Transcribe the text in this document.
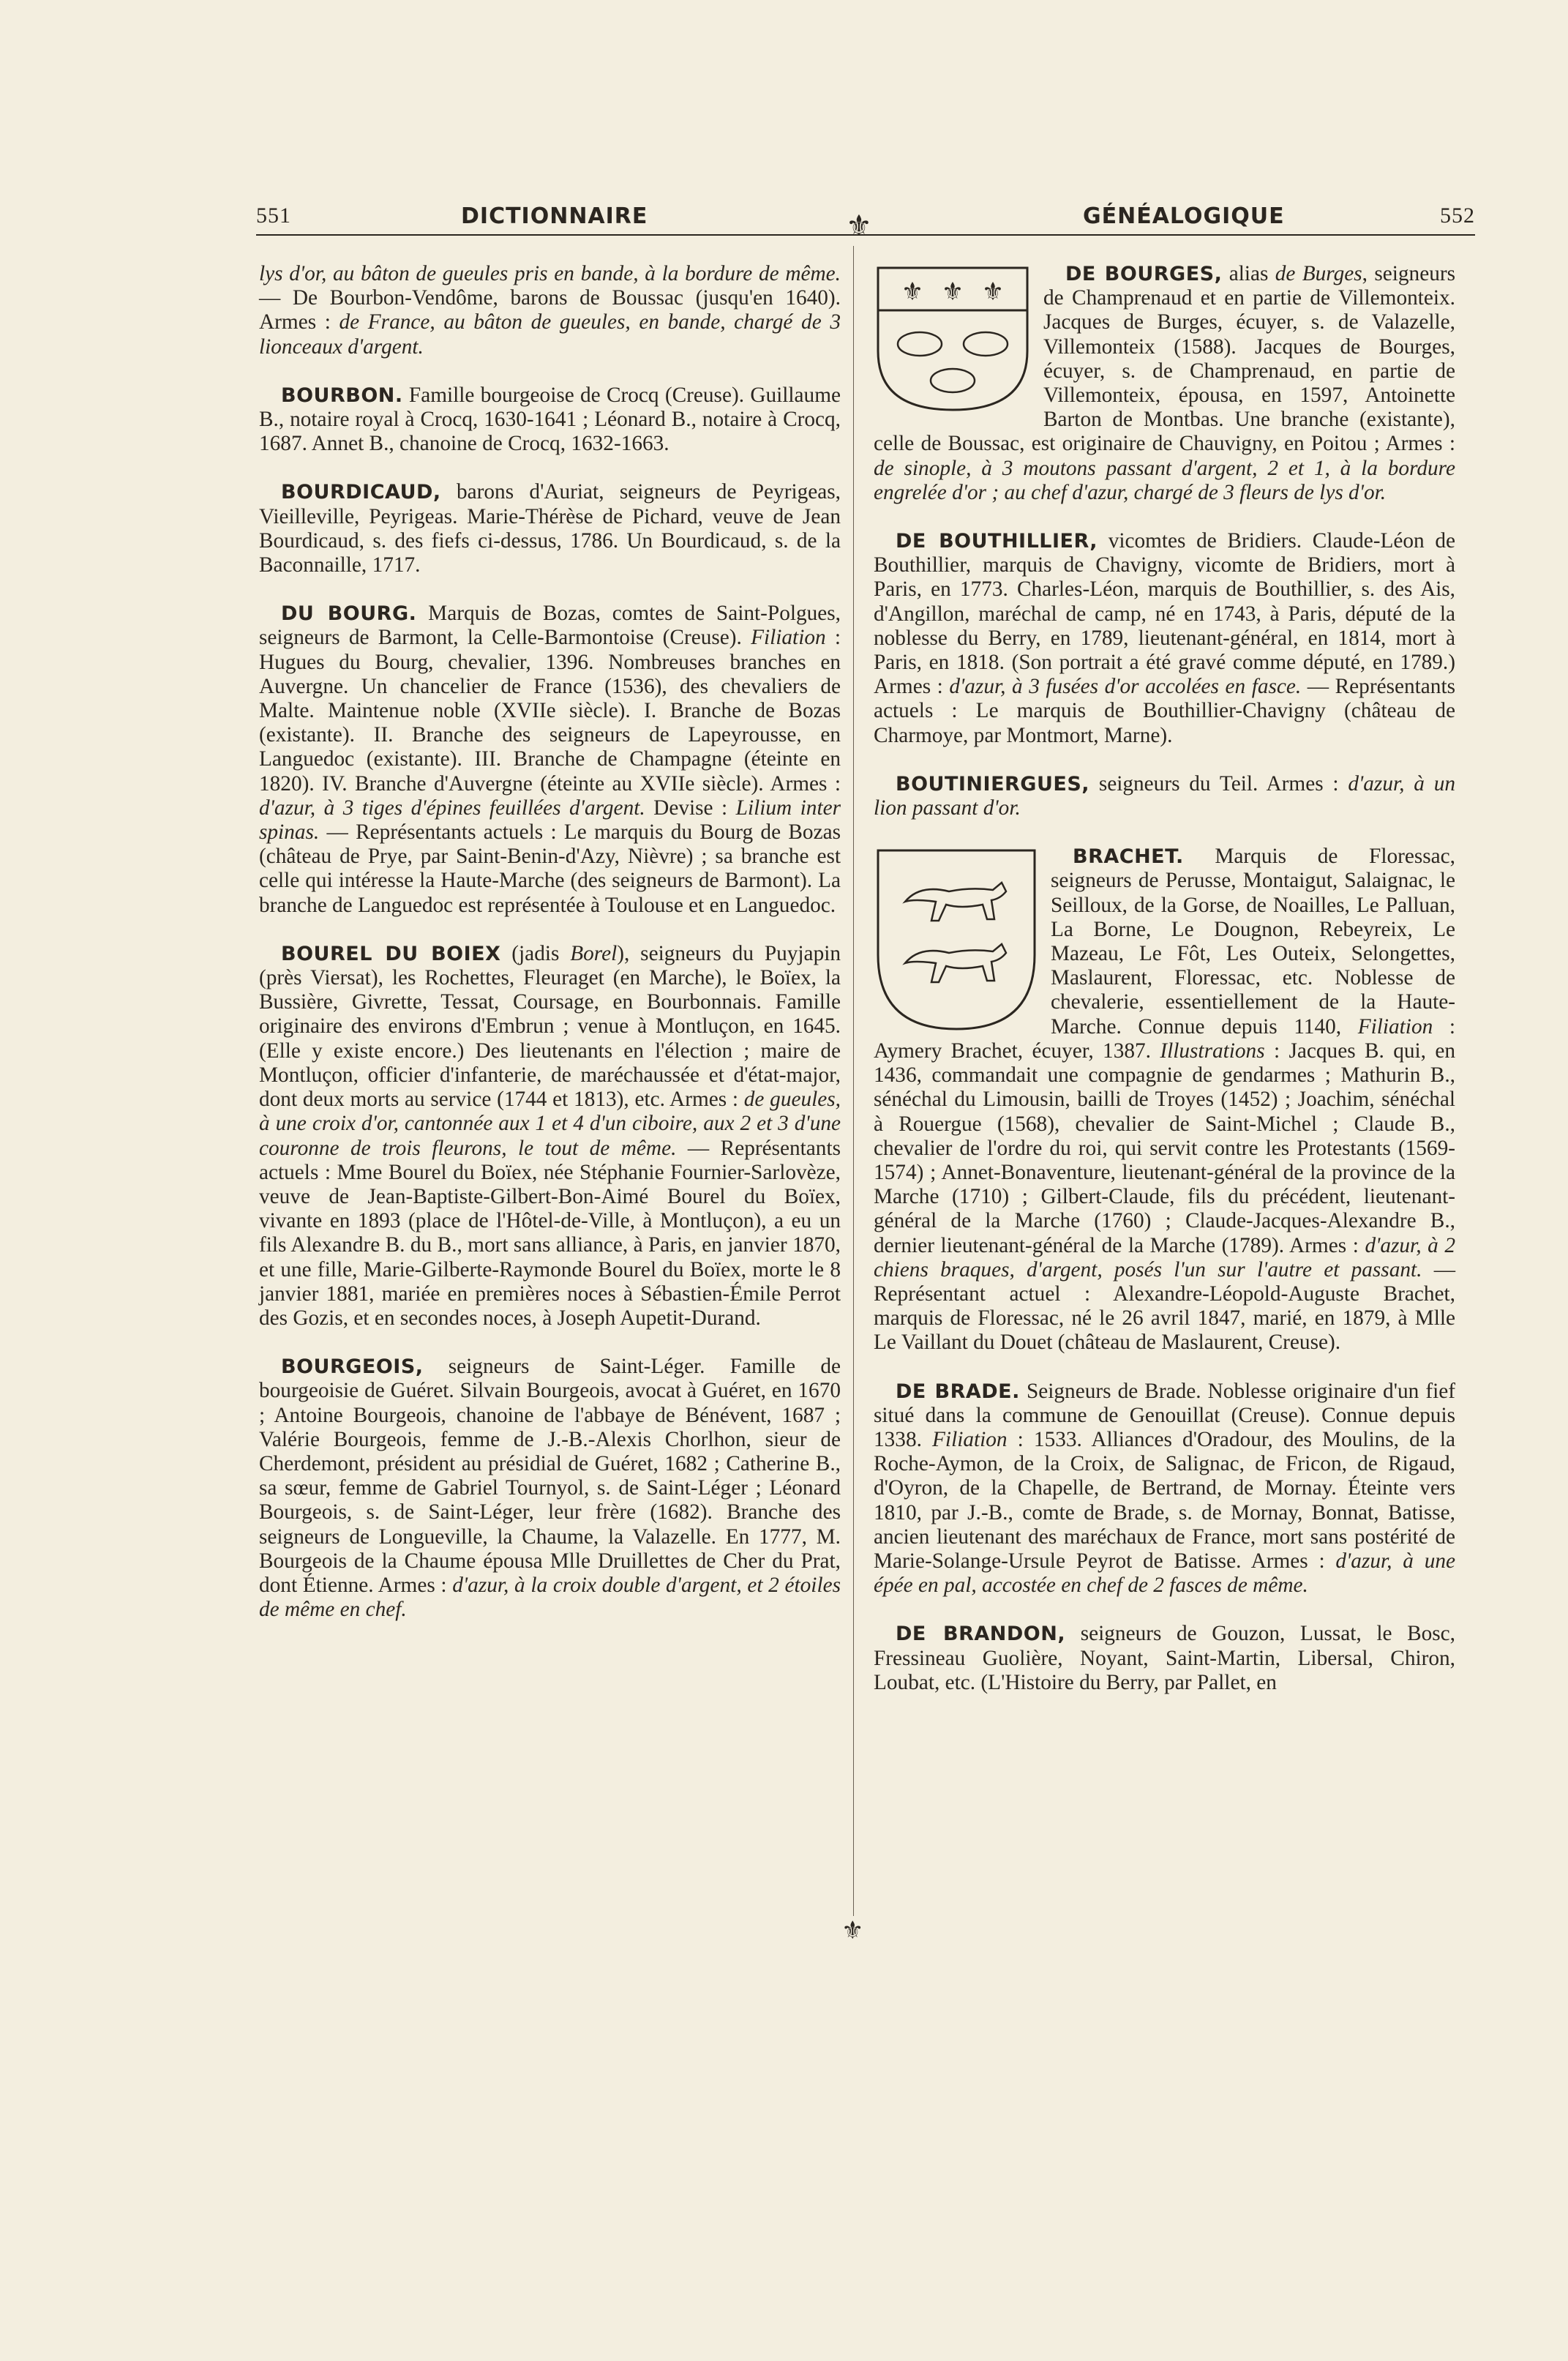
551	DICTIONNAIRE	GÉNÉALOGIQUE	552
⚜
⚜
lys d'or, au bâton de gueules pris en bande, à la bordure de même. — De Bourbon-Vendôme, barons de Boussac (jusqu'en 1640). Armes : de France, au bâton de gueules, en bande, chargé de 3 lionceaux d'argent.
BOURBON. Famille bourgeoise de Crocq (Creuse). Guillaume B., notaire royal à Crocq, 1630-1641 ; Léonard B., notaire à Crocq, 1687. Annet B., chanoine de Crocq, 1632-1663.
BOURDICAUD, barons d'Auriat, seigneurs de Peyrigeas, Vieilleville, Peyrigeas. Marie-Thérèse de Pichard, veuve de Jean Bourdicaud, s. des fiefs ci-dessus, 1786. Un Bourdicaud, s. de la Baconnaille, 1717.
DU BOURG. Marquis de Bozas, comtes de Saint-Polgues, seigneurs de Barmont, la Celle-Barmontoise (Creuse). Filiation : Hugues du Bourg, chevalier, 1396. Nombreuses branches en Auvergne. Un chancelier de France (1536), des chevaliers de Malte. Maintenue noble (XVIIe siècle). I. Branche de Bozas (existante). II. Branche des seigneurs de Lapeyrousse, en Languedoc (existante). III. Branche de Champagne (éteinte en 1820). IV. Branche d'Auvergne (éteinte au XVIIe siècle). Armes : d'azur, à 3 tiges d'épines feuillées d'argent. Devise : Lilium inter spinas. — Représentants actuels : Le marquis du Bourg de Bozas (château de Prye, par Saint-Benin-d'Azy, Nièvre) ; sa branche est celle qui intéresse la Haute-Marche (des seigneurs de Barmont). La branche de Languedoc est représentée à Toulouse et en Languedoc.
BOUREL DU BOIEX (jadis Borel), seigneurs du Puyjapin (près Viersat), les Rochettes, Fleuraget (en Marche), le Boïex, la Bussière, Givrette, Tessat, Coursage, en Bourbonnais. Famille originaire des environs d'Embrun ; venue à Montluçon, en 1645. (Elle y existe encore.) Des lieutenants en l'élection ; maire de Montluçon, officier d'infanterie, de maréchaussée et d'état-major, dont deux morts au service (1744 et 1813), etc. Armes : de gueules, à une croix d'or, cantonnée aux 1 et 4 d'un ciboire, aux 2 et 3 d'une couronne de trois fleurons, le tout de même. — Représentants actuels : Mme Bourel du Boïex, née Stéphanie Fournier-Sarlovèze, veuve de Jean-Baptiste-Gilbert-Bon-Aimé Bourel du Boïex, vivante en 1893 (place de l'Hôtel-de-Ville, à Montluçon), a eu un fils Alexandre B. du B., mort sans alliance, à Paris, en janvier 1870, et une fille, Marie-Gilberte-Raymonde Bourel du Boïex, morte le 8 janvier 1881, mariée en premières noces à Sébastien-Émile Perrot des Gozis, et en secondes noces, à Joseph Aupetit-Durand.
BOURGEOIS, seigneurs de Saint-Léger. Famille de bourgeoisie de Guéret. Silvain Bourgeois, avocat à Guéret, en 1670 ; Antoine Bourgeois, chanoine de l'abbaye de Bénévent, 1687 ; Valérie Bourgeois, femme de J.-B.-Alexis Chorlhon, sieur de Cherdemont, président au présidial de Guéret, 1682 ; Catherine B., sa sœur, femme de Gabriel Tournyol, s. de Saint-Léger ; Léonard Bourgeois, s. de Saint-Léger, leur frère (1682). Branche des seigneurs de Longueville, la Chaume, la Valazelle. En 1777, M. Bourgeois de la Chaume épousa Mlle Druillettes de Cher du Prat, dont Étienne. Armes : d'azur, à la croix double d'argent, et 2 étoiles de même en chef.
⚜ ⚜ ⚜
DE BOURGES, alias de Burges, seigneurs de Champrenaud et en partie de Villemonteix. Jacques de Burges, écuyer, s. de Valazelle, Villemonteix (1588). Jacques de Bourges, écuyer, s. de Champrenaud, en partie de Villemonteix, épousa, en 1597, Antoinette Barton de Montbas. Une branche (existante), celle de Boussac, est originaire de Chauvigny, en Poitou ; Armes : de sinople, à 3 moutons passant d'argent, 2 et 1, à la bordure engrelée d'or ; au chef d'azur, chargé de 3 fleurs de lys d'or.
DE BOUTHILLIER, vicomtes de Bridiers. Claude-Léon de Bouthillier, marquis de Chavigny, vicomte de Bridiers, mort à Paris, en 1773. Charles-Léon, marquis de Bouthillier, s. des Ais, d'Angillon, maréchal de camp, né en 1743, à Paris, député de la noblesse du Berry, en 1789, lieutenant-général, en 1814, mort à Paris, en 1818. (Son portrait a été gravé comme député, en 1789.) Armes : d'azur, à 3 fusées d'or accolées en fasce. — Représentants actuels : Le marquis de Bouthillier-Chavigny (château de Charmoye, par Montmort, Marne).
BOUTINIERGUES, seigneurs du Teil. Armes : d'azur, à un lion passant d'or.
BRACHET. Marquis de Floressac, seigneurs de Perusse, Montaigut, Salaignac, le Seilloux, de la Gorse, de Noailles, Le Palluan, La Borne, Le Dougnon, Rebeyreix, Le Mazeau, Le Fôt, Les Outeix, Selongettes, Maslaurent, Floressac, etc. Noblesse de chevalerie, essentiellement de la Haute-Marche. Connue depuis 1140, Filiation : Aymery Brachet, écuyer, 1387. Illustrations : Jacques B. qui, en 1436, commandait une compagnie de gendarmes ; Mathurin B., sénéchal du Limousin, bailli de Troyes (1452) ; Joachim, sénéchal à Rouergue (1568), chevalier de Saint-Michel ; Claude B., chevalier de l'ordre du roi, qui servit contre les Protestants (1569-1574) ; Annet-Bonaventure, lieutenant-général de la province de la Marche (1710) ; Gilbert-Claude, fils du précédent, lieutenant-général de la Marche (1760) ; Claude-Jacques-Alexandre B., dernier lieutenant-général de la Marche (1789). Armes : d'azur, à 2 chiens braques, d'argent, posés l'un sur l'autre et passant. — Représentant actuel : Alexandre-Léopold-Auguste Brachet, marquis de Floressac, né le 26 avril 1847, marié, en 1879, à Mlle Le Vaillant du Douet (château de Maslaurent, Creuse).
DE BRADE. Seigneurs de Brade. Noblesse originaire d'un fief situé dans la commune de Genouillat (Creuse). Connue depuis 1338. Filiation : 1533. Alliances d'Oradour, des Moulins, de la Roche-Aymon, de la Croix, de Salignac, de Fricon, de Rigaud, d'Oyron, de la Chapelle, de Bertrand, de Mornay. Éteinte vers 1810, par J.-B., comte de Brade, s. de Mornay, Bonnat, Batisse, ancien lieutenant des maréchaux de France, mort sans postérité de Marie-Solange-Ursule Peyrot de Batisse. Armes : d'azur, à une épée en pal, accostée en chef de 2 fasces de même.
DE BRANDON, seigneurs de Gouzon, Lussat, le Bosc, Fressineau Guolière, Noyant, Saint-Martin, Libersal, Chiron, Loubat, etc. (L'Histoire du Berry, par Pallet, en
